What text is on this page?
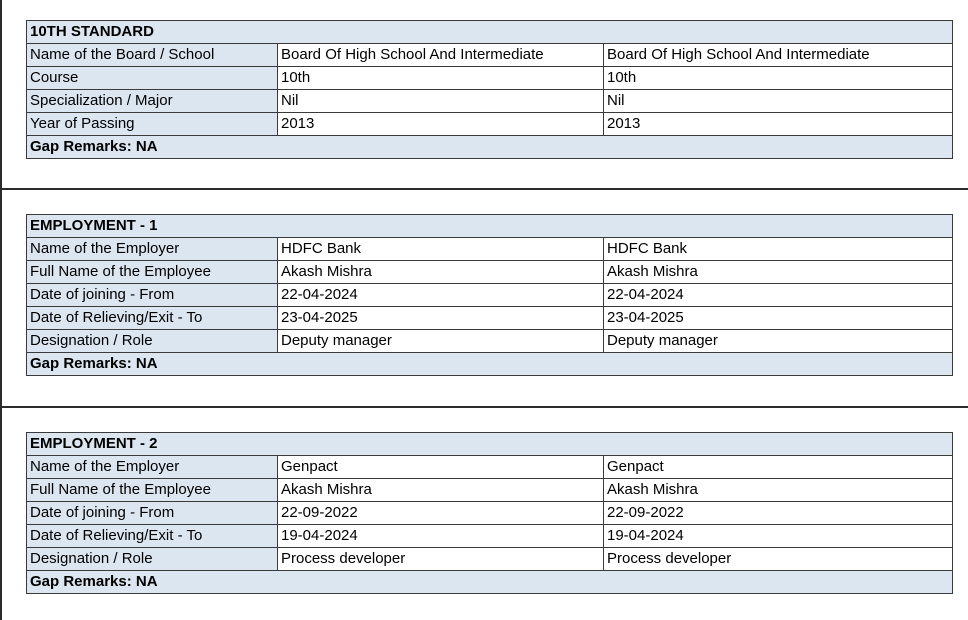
10TH STANDARD		
Name of the Board / School	Board Of High School And Intermediate	Board Of High School And Intermediate
Course	10th	10th
Specialization / Major	Nil	Nil
Year of Passing	2013	2013
Gap Remarks: NA		
EMPLOYMENT - 1		
Name of the Employer	HDFC Bank	HDFC Bank
Full Name of the Employee	Akash Mishra	Akash Mishra
Date of joining - From	22-04-2024	22-04-2024
Date of Relieving/Exit - To	23-04-2025	23-04-2025
Designation / Role	Deputy manager	Deputy manager
Gap Remarks: NA		
EMPLOYMENT - 2		
Name of the Employer	Genpact	Genpact
Full Name of the Employee	Akash Mishra	Akash Mishra
Date of joining - From	22-09-2022	22-09-2022
Date of Relieving/Exit - To	19-04-2024	19-04-2024
Designation / Role	Process developer	Process developer
Gap Remarks: NA		
